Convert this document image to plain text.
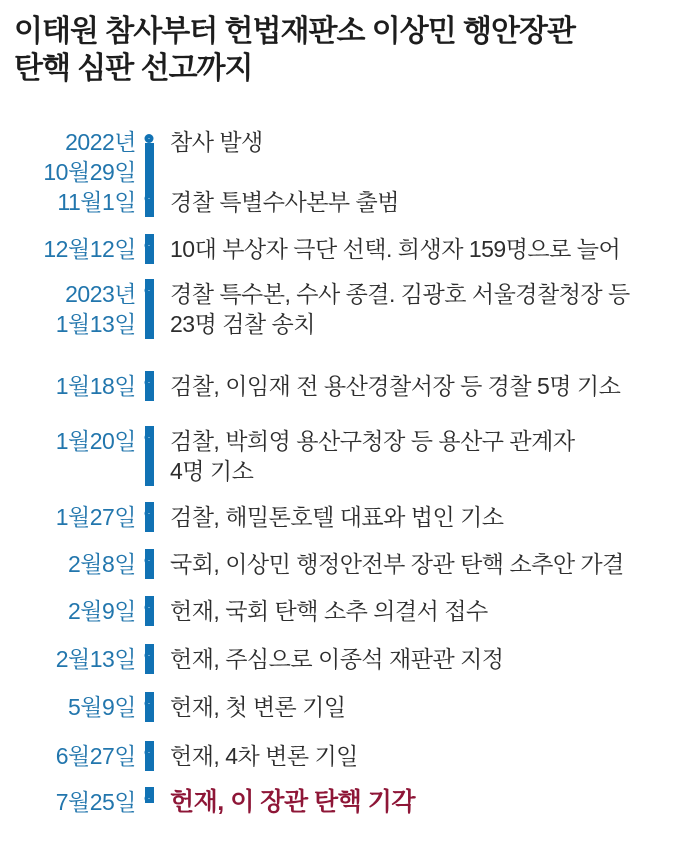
이태원 참사부터 헌법재판소 이상민 행안장관
탄핵 심판 선고까지
2022년
10월29일
참사 발생
11월1일 경찰 특별수사본부 출범
12월12일 10대 부상자 극단 선택. 희생자 159명으로 늘어
2023년
1월13일
경찰 특수본, 수사 종결. 김광호 서울경찰청장 등
23명 검찰 송치
1월18일 검찰, 이임재 전 용산경찰서장 등 경찰 5명 기소
1월20일 검찰, 박희영 용산구청장 등 용산구 관계자
4명 기소
1월27일 검찰, 해밀톤호텔 대표와 법인 기소
2월8일 국회, 이상민 행정안전부 장관 탄핵 소추안 가결
2월9일 헌재, 국회 탄핵 소추 의결서 접수
2월13일 헌재, 주심으로 이종석 재판관 지정
5월9일 헌재, 첫 변론 기일
6월27일 헌재, 4차 변론 기일
7월25일 헌재, 이 장관 탄핵 기각
